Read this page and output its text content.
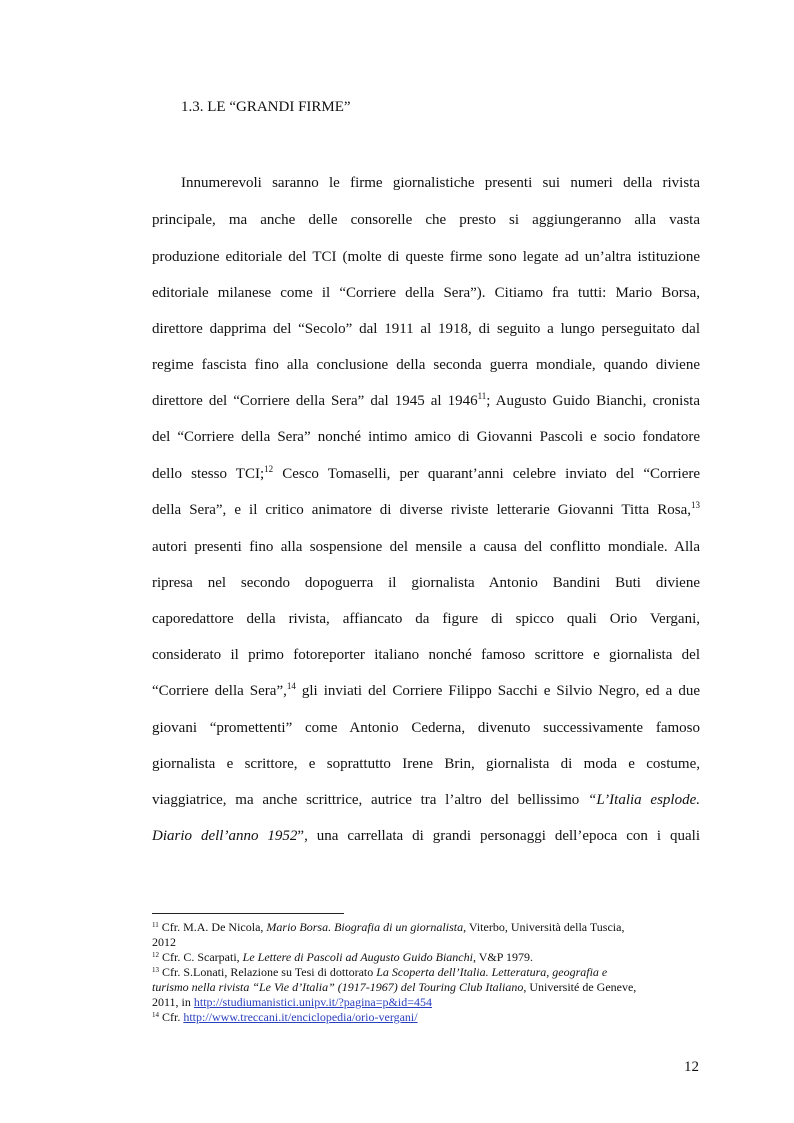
1.3. LE “GRANDI FIRME”
Innumerevoli saranno le firme giornalistiche presenti sui numeri della rivista
principale, ma anche delle consorelle che presto si aggiungeranno alla vasta
produzione editoriale del TCI (molte di queste firme sono legate ad un’altra istituzione
editoriale milanese come il “Corriere della Sera”). Citiamo fra tutti: Mario Borsa,
direttore dapprima del “Secolo” dal 1911 al 1918, di seguito a lungo perseguitato dal
regime fascista fino alla conclusione della seconda guerra mondiale, quando diviene
direttore del “Corriere della Sera” dal 1945 al 1946$^{11}$; Augusto Guido Bianchi, cronista
del “Corriere della Sera” nonché intimo amico di Giovanni Pascoli e socio fondatore
dello stesso TCI;$^{12}$ Cesco Tomaselli, per quarant’anni celebre inviato del “Corriere
della Sera”, e il critico animatore di diverse riviste letterarie Giovanni Titta Rosa,$^{13}$
autori presenti fino alla sospensione del mensile a causa del conflitto mondiale. Alla
ripresa nel secondo dopoguerra il giornalista Antonio Bandini Buti diviene
caporedattore della rivista, affiancato da figure di spicco quali Orio Vergani,
considerato il primo fotoreporter italiano nonché famoso scrittore e giornalista del
“Corriere della Sera”,$^{14}$ gli inviati del Corriere Filippo Sacchi e Silvio Negro, ed a due
giovani “promettenti” come Antonio Cederna, divenuto successivamente famoso
giornalista e scrittore, e soprattutto Irene Brin, giornalista di moda e costume,
viaggiatrice, ma anche scrittrice, autrice tra l’altro del bellissimo “L’Italia esplode.
Diario dell’anno 1952”, una carrellata di grandi personaggi dell’epoca con i quali
$^{11}$ Cfr. M.A. De Nicola, Mario Borsa. Biografia di un giornalista, Viterbo, Università della Tuscia,
2012
$^{12}$ Cfr. C. Scarpati, Le Lettere di Pascoli ad Augusto Guido Bianchi, V&P 1979.
$^{13}$ Cfr. S.Lonati, Relazione su Tesi di dottorato La Scoperta dell’Italia. Letteratura, geografia e
turismo nella rivista “Le Vie d’Italia” (1917-1967) del Touring Club Italiano, Université de Geneve,
2011, in http://studiumanistici.unipv.it/?pagina=p&id=454
$^{14}$ Cfr. http://www.treccani.it/enciclopedia/orio-vergani/
12
